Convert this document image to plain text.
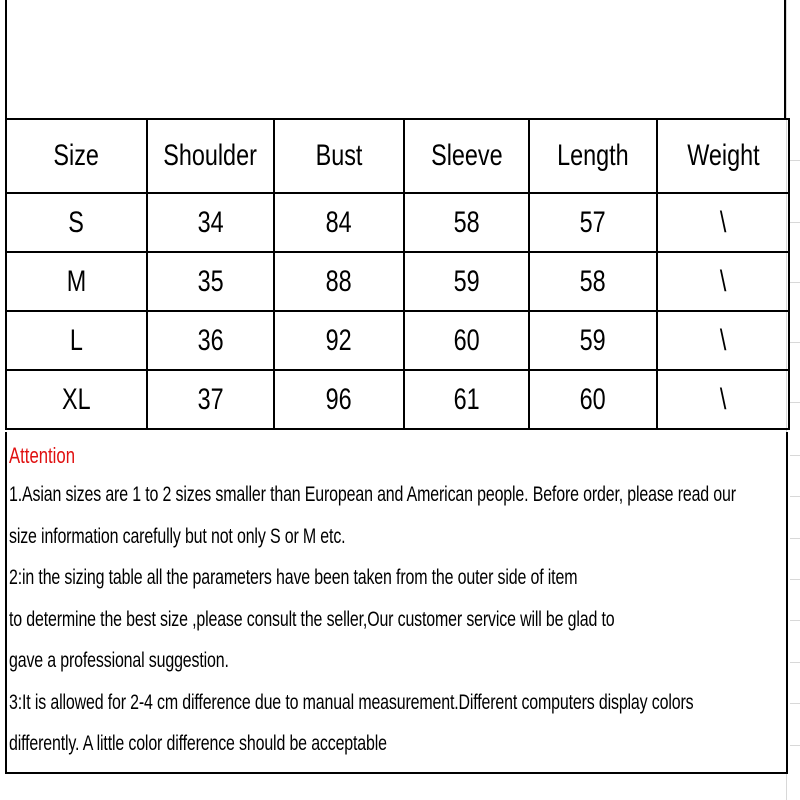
Size	Shoulder	Bust	Sleeve	Length	Weight
S	34	84	58	57	\
M	35	88	59	58	\
L	36	92	60	59	\
XL	37	96	61	60	\
Attention
1.Asian sizes are 1 to 2 sizes smaller than European and American people. Before order, please read our
size information carefully but not only S or M etc.
2:in the sizing table all the parameters have been taken from the outer side of item
to determine the best size ,please consult the seller,Our customer service will be glad to
gave a professional suggestion.
3:It is allowed for 2-4 cm difference due to manual measurement.Different computers display colors
differently. A little color difference should be acceptable
